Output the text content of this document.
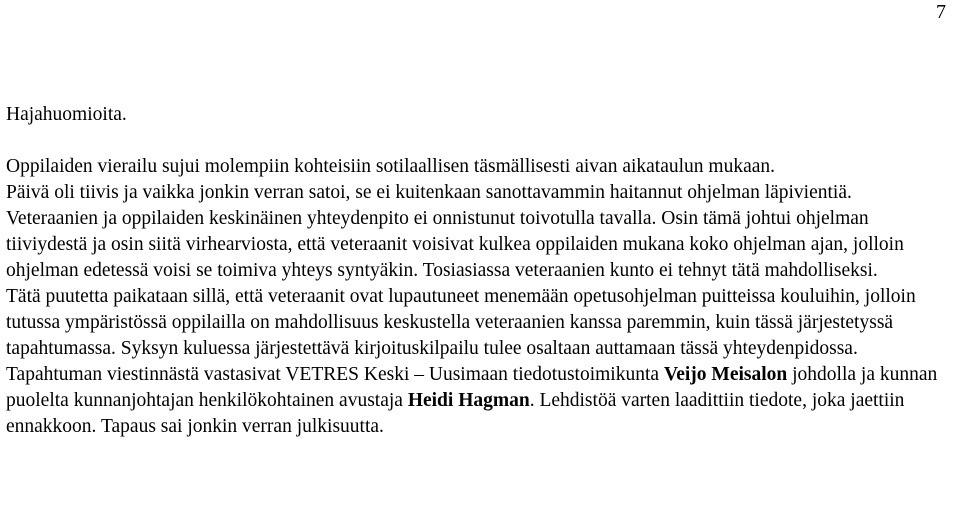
7

Hajahuomioita.

Oppilaiden vierailu sujui molempiin kohteisiin sotilaallisen täsmällisesti aivan aikataulun mukaan.

Päivä oli tiivis ja vaikka jonkin verran satoi, se ei kuitenkaan sanottavammin haitannut ohjelman läpivientiä.

Veteraanien ja oppilaiden keskinäinen yhteydenpito ei onnistunut toivotulla tavalla. Osin tämä johtui ohjelman tiiviydestä ja osin siitä virhearviosta, että veteraanit voisivat kulkea oppilaiden mukana koko ohjelman ajan, jolloin ohjelman edetessä voisi se toimiva yhteys syntyäkin. Tosiasiassa veteraanien kunto ei tehnyt tätä mahdolliseksi.

Tätä puutetta paikataan sillä, että veteraanit ovat lupautuneet menemään opetusohjelman puitteissa kouluihin, jolloin tutussa ympäristössä oppilailla on mahdollisuus keskustella veteraanien kanssa paremmin, kuin tässä järjestetyssä tapahtumassa. Syksyn kuluessa järjestettävä kirjoituskilpailu tulee osaltaan auttamaan tässä yhteydenpidossa.

Tapahtuman viestinnästä vastasivat VETRES Keski – Uusimaan tiedotustoimikunta Veijo Meisalon johdolla ja kunnan puolelta kunnanjohtajan henkilökohtainen avustaja Heidi Hagman. Lehdistöä varten laadittiin tiedote, joka jaettiin ennakkoon. Tapaus sai jonkin verran julkisuutta.
